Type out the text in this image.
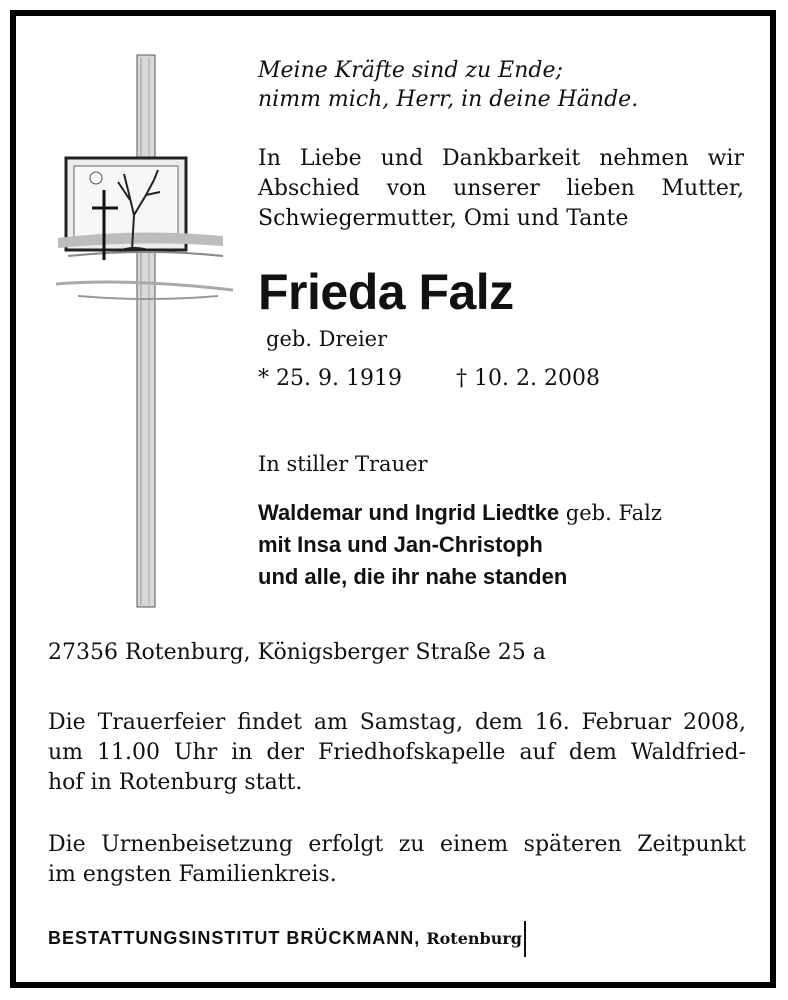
Meine Kräfte sind zu Ende;
nimm mich, Herr, in deine Hände.
In Liebe und Dankbarkeit nehmen wir
Abschied von unserer lieben Mutter,
Schwiegermutter, Omi und Tante
Frieda Falz
geb. Dreier
* 25. 9. 1919 † 10. 2. 2008
In stiller Trauer
Waldemar und Ingrid Liedtke geb. Falz
mit Insa und Jan-Christoph
und alle, die ihr nahe standen
27356 Rotenburg, Königsberger Straße 25 a
Die Trauerfeier findet am Samstag, dem 16. Februar 2008,
um 11.00 Uhr in der Friedhofskapelle auf dem Waldfried-
hof in Rotenburg statt.
Die Urnenbeisetzung erfolgt zu einem späteren Zeitpunkt
im engsten Familienkreis.
BESTATTUNGSINSTITUT BRÜCKMANN, Rotenburg
